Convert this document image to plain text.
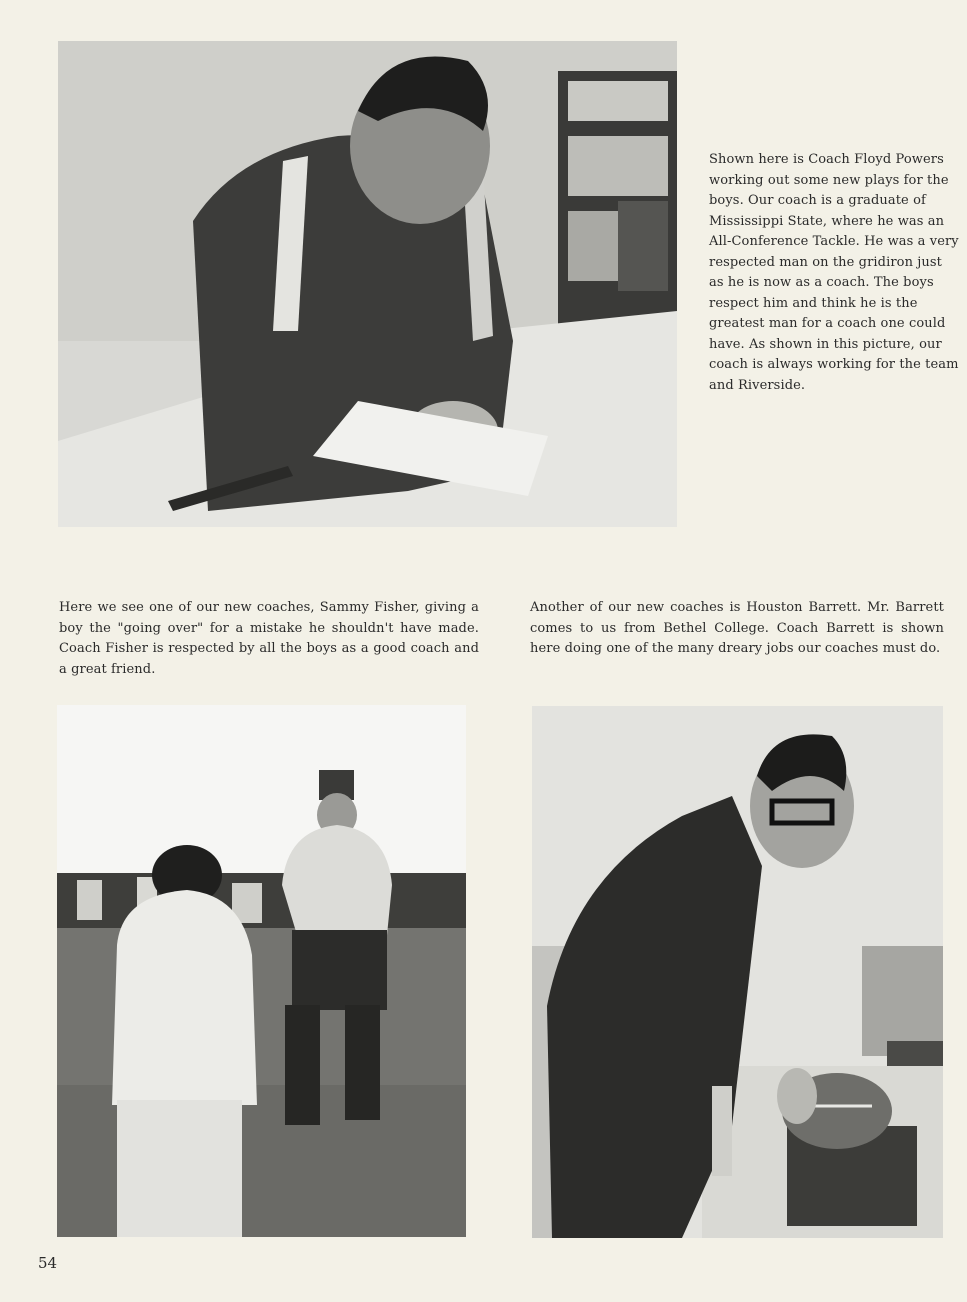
Shown here is Coach Floyd Powers working out some new plays for the boys. Our coach is a graduate of Mississippi State, where he was an All-Conference Tackle. He was a very respected man on the gridiron just as he is now as a coach. The boys respect him and think he is the greatest man for a coach one could have. As shown in this picture, our coach is always working for the team and Riverside.

Here we see one of our new coaches, Sammy Fisher, giving a boy the "going over" for a mistake he shouldn't have made. Coach Fisher is respected by all the boys as a good coach and a great friend.

Another of our new coaches is Houston Barrett. Mr. Barrett comes to us from Bethel College. Coach Barrett is shown here doing one of the many dreary jobs our coaches must do.

54
